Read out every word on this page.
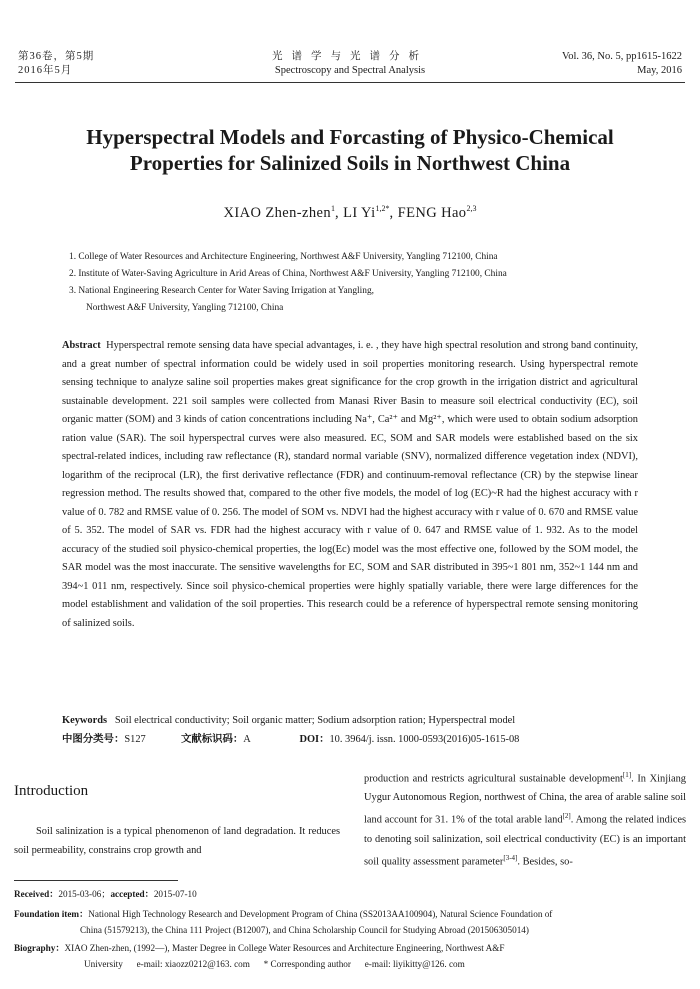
第36卷，第5期
2016年5月
光谱学与光谱分析
Spectroscopy and Spectral Analysis
Vol. 36, No. 5, pp1615-1622
May, 2016
Hyperspectral Models and Forcasting of Physico-Chemical
Properties for Salinized Soils in Northwest China
XIAO Zhen-zhen$^1$, LI $Yi^{1,2*}$, FENG Hao$^{2,3}$
1. College of Water Resources and Architecture Engineering, Northwest A&F University, Yangling 712100, China
2. Institute of Water-Saving Agriculture in Arid Areas of China, Northwest A&F University, Yangling 712100, China
3. National Engineering Research Center for Water Saving Irrigation at Yangling,
Northwest A&F University, Yangling 712100, China
Abstract Hyperspectral remote sensing data have special advantages, i. e. , they have high spectral resolution and strong band continuity, and a great number of spectral information could be widely used in soil properties monitoring research. Using hyperspectral remote sensing technique to analyze saline soil properties makes great significance for the crop growth in the irrigation district and agricultural sustainable development. 221 soil samples were collected from Manasi River Basin to measure soil electrical conductivity (EC), soil organic matter (SOM) and 3 kinds of cation concentrations including Na⁺, Ca²⁺ and Mg²⁺, which were used to obtain sodium adsorption ration value (SAR). The soil hyperspectral curves were also measured. EC, SOM and SAR models were established based on the six spectral-related indices, including raw reflectance (R), standard normal variable (SNV), normalized difference vegetation index (NDVI), logarithm of the reciprocal (LR), the first derivative reflectance (FDR) and continuum-removal reflectance (CR) by the stepwise linear regression method. The results showed that, compared to the other five models, the model of log (EC)~R had the highest accuracy with r value of 0. 782 and RMSE value of 0. 256. The model of SOM vs. NDVI had the highest accuracy with r value of 0. 670 and RMSE value of 5. 352. The model of SAR vs. FDR had the highest accuracy with r value of 0. 647 and RMSE value of 1. 932. As to the model accuracy of the studied soil physico-chemical properties, the log(Ec) model was the most effective one, followed by the SOM model, the SAR model was the most inaccurate. The sensitive wavelengths for EC, SOM and SAR distributed in 395~1 801 nm, 352~1 144 nm and 394~1 011 nm, respectively. Since soil physico-chemical properties were highly spatially variable, there were large differences for the model establishment and validation of the soil properties. This research could be a reference of hyperspectral remote sensing monitoring of salinized soils.
Keywords Soil electrical conductivity; Soil organic matter; Sodium adsorption ration; Hyperspectral model
中图分类号：S127	文献标识码：A	DOI：10. 3964/j. issn. 1000-0593(2016)05-1615-08
Introduction
Soil salinization is a typical phenomenon of land degradation. It reduces soil permeability, constrains crop growth and
production and restricts agricultural sustainable development[1]. In Xinjiang Uygur Autonomous Region, northwest of China, the area of arable saline soil land account for 31. 1% of the total arable land[2]. Among the related indices to denoting soil salinization, soil electrical conductivity (EC) is an important soil quality assessment parameter[3-4]. Besides, so-
Received：2015-03-06；accepted：2015-07-10
Foundation item：National High Technology Research and Development Program of China (SS2013AA100904), Natural Science Foundation of
China (51579213), the China 111 Project (B12007), and China Scholarship Council for Studying Abroad (201506305014)
Biography：XIAO Zhen-zhen, (1992—), Master Degree in College Water Resources and Architecture Engineering, Northwest A&F
University      e-mail: xiaozz0212@163. com      * Corresponding author      e-mail: liyikitty@126. com
